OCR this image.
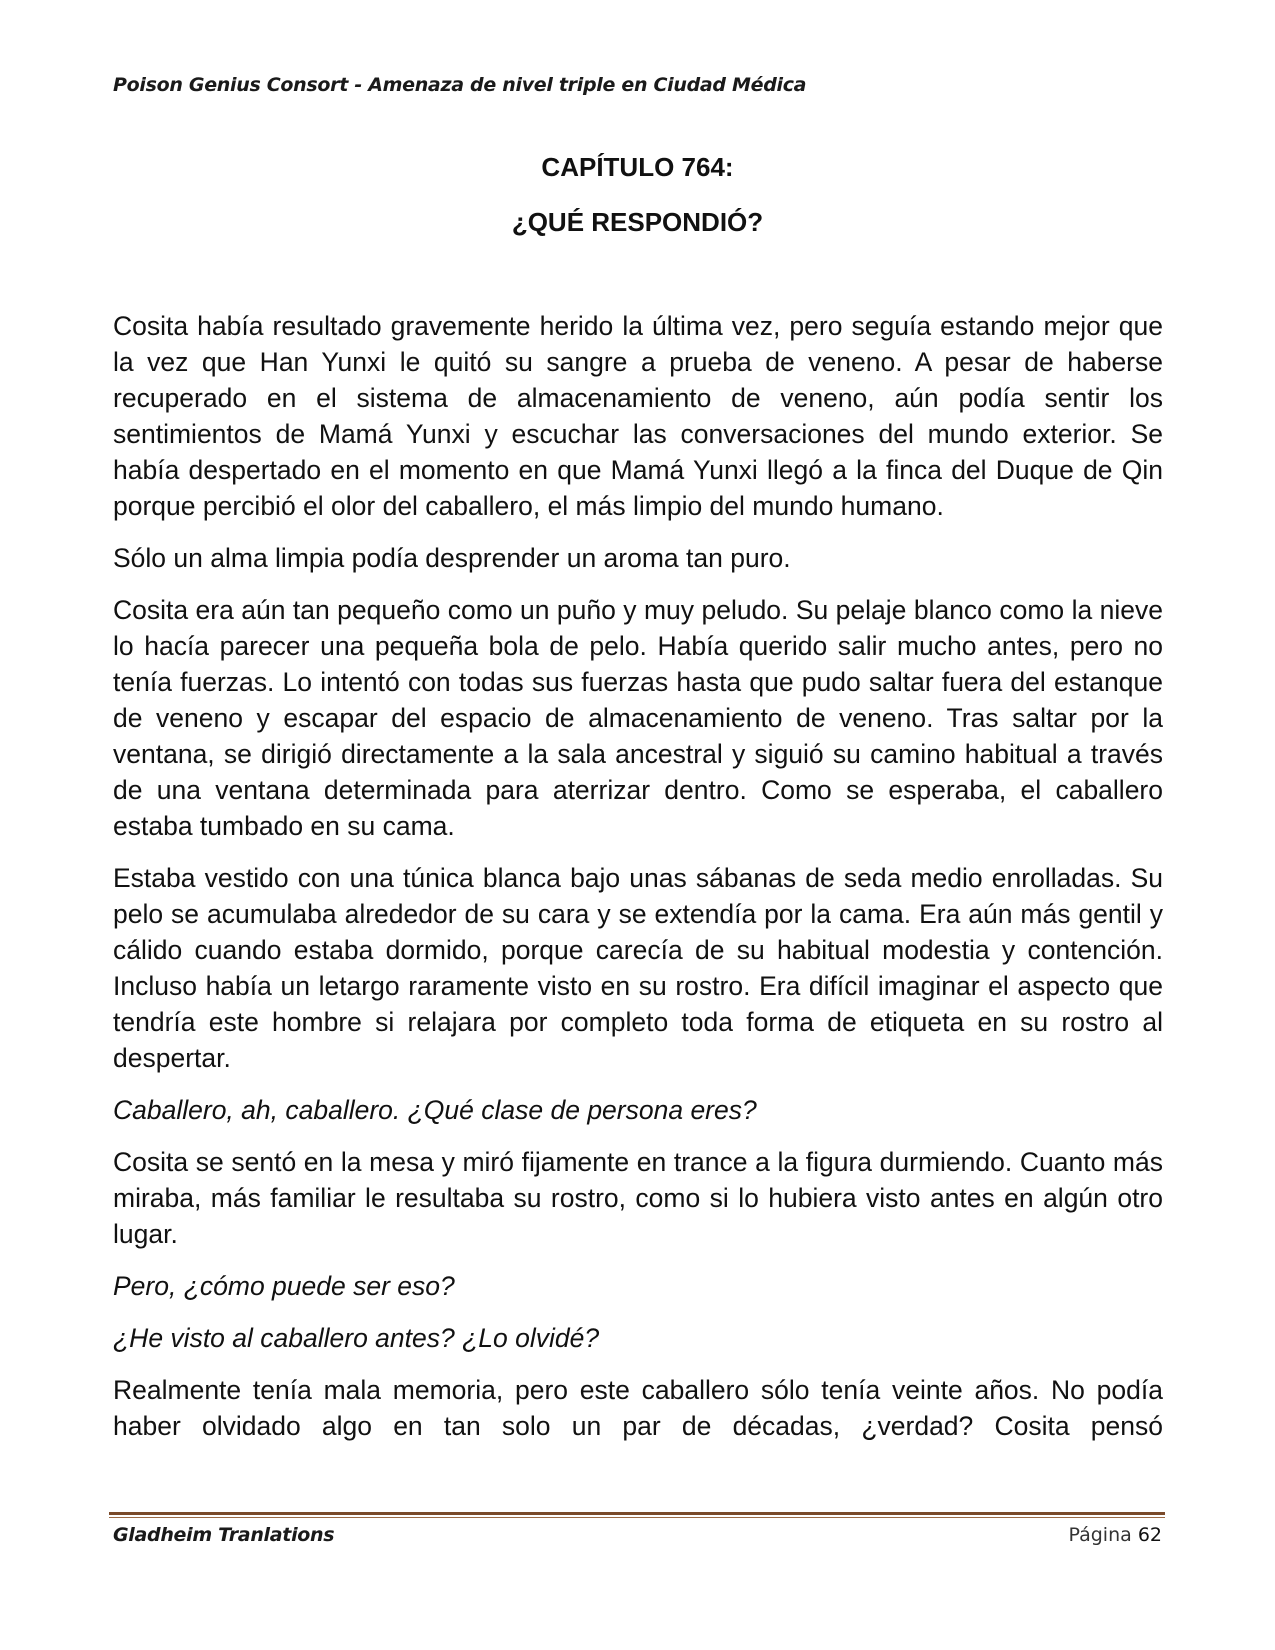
Poison Genius Consort - Amenaza de nivel triple en Ciudad Médica
CAPÍTULO 764:
¿QUÉ RESPONDIÓ?

Cosita había resultado gravemente herido la última vez, pero seguía estando mejor que la vez que Han Yunxi le quitó su sangre a prueba de veneno. A pesar de haberse recuperado en el sistema de almacenamiento de veneno, aún podía sentir los sentimientos de Mamá Yunxi y escuchar las conversaciones del mundo exterior. Se había despertado en el momento en que Mamá Yunxi llegó a la finca del Duque de Qin porque percibió el olor del caballero, el más limpio del mundo humano.

Sólo un alma limpia podía desprender un aroma tan puro.

Cosita era aún tan pequeño como un puño y muy peludo. Su pelaje blanco como la nieve lo hacía parecer una pequeña bola de pelo. Había querido salir mucho antes, pero no tenía fuerzas. Lo intentó con todas sus fuerzas hasta que pudo saltar fuera del estanque de veneno y escapar del espacio de almacenamiento de veneno. Tras saltar por la ventana, se dirigió directamente a la sala ancestral y siguió su camino habitual a través de una ventana determinada para aterrizar dentro. Como se esperaba, el caballero estaba tumbado en su cama.

Estaba vestido con una túnica blanca bajo unas sábanas de seda medio enrolladas. Su pelo se acumulaba alrededor de su cara y se extendía por la cama. Era aún más gentil y cálido cuando estaba dormido, porque carecía de su habitual modestia y contención. Incluso había un letargo raramente visto en su rostro. Era difícil imaginar el aspecto que tendría este hombre si relajara por completo toda forma de etiqueta en su rostro al despertar.

Caballero, ah, caballero. ¿Qué clase de persona eres?

Cosita se sentó en la mesa y miró fijamente en trance a la figura durmiendo. Cuanto más miraba, más familiar le resultaba su rostro, como si lo hubiera visto antes en algún otro lugar.

Pero, ¿cómo puede ser eso?

¿He visto al caballero antes? ¿Lo olvidé?

Realmente tenía mala memoria, pero este caballero sólo tenía veinte años. No podía haber olvidado algo en tan solo un par de décadas, ¿verdad? Cosita pensó

Gladheim Tranlations	Página 62
